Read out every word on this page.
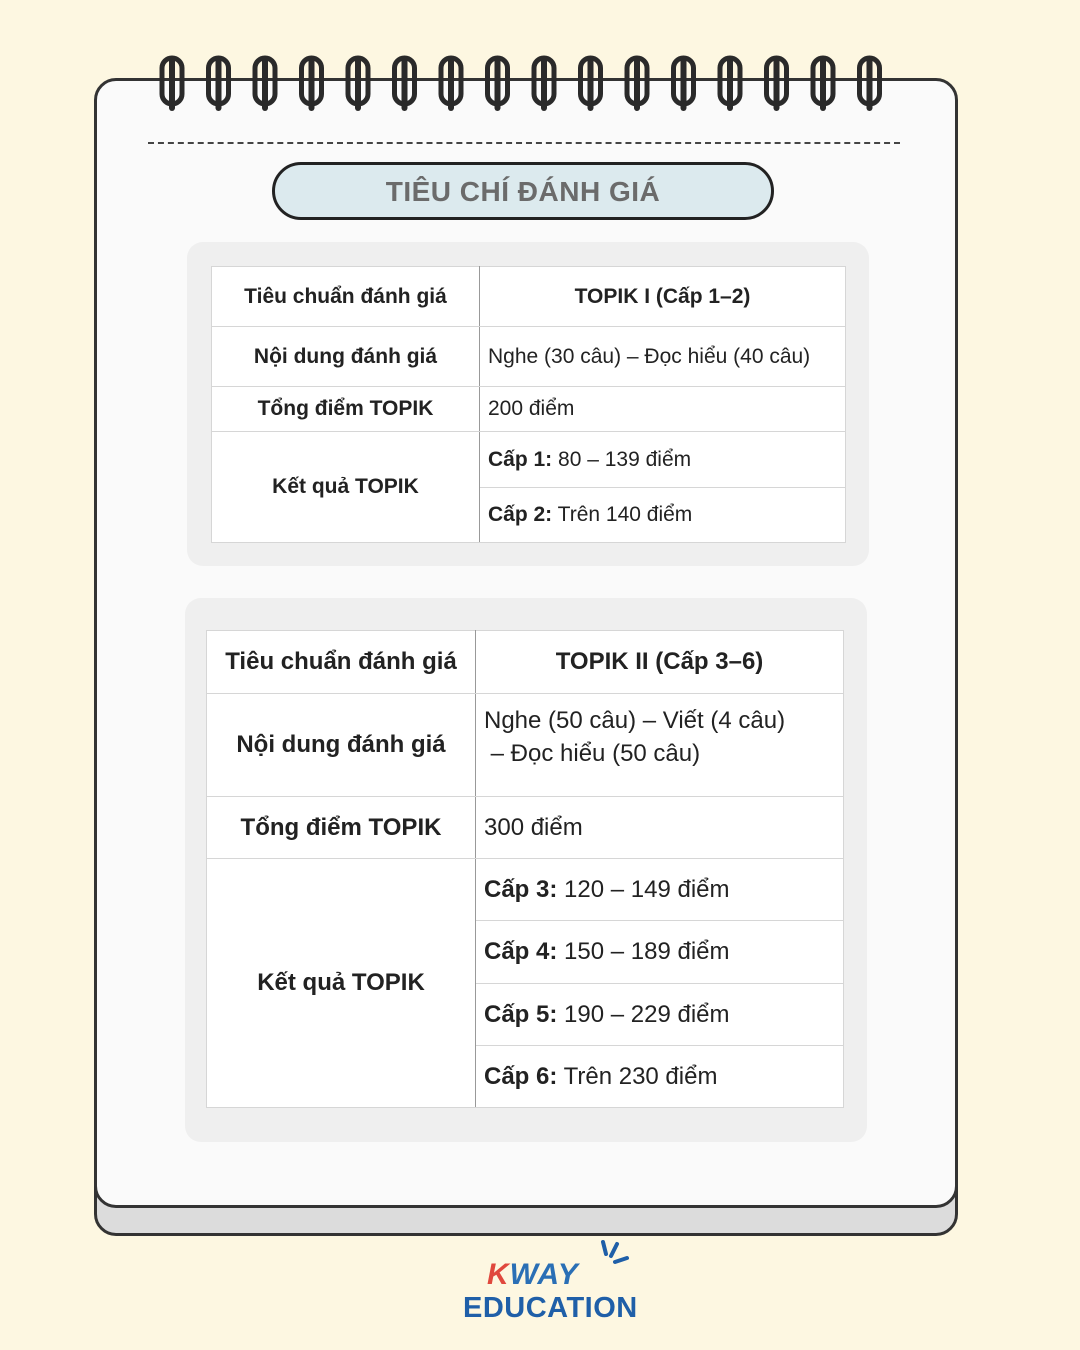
TIÊU CHÍ ĐÁNH GIÁ
Tiêu chuẩn đánh giá	TOPIK I (Cấp 1–2)
Nội dung đánh giá	Nghe (30 câu) – Đọc hiểu (40 câu)
Tổng điểm TOPIK	200 điểm
Kết quả TOPIK	Cấp 1: 80 – 139 điểm
	Cấp 2: Trên 140 điểm
Tiêu chuẩn đánh giá	TOPIK II (Cấp 3–6)
Nội dung đánh giá	Nghe (50 câu) – Viết (4 câu)
– Đọc hiểu (50 câu)

Tổng điểm TOPIK	300 điểm
Kết quả TOPIK	Cấp 3: 120 – 149 điểm
	Cấp 4: 150 – 189 điểm
	Cấp 5: 190 – 229 điểm
	Cấp 6: Trên 230 điểm
KWAY
EDUCATION
